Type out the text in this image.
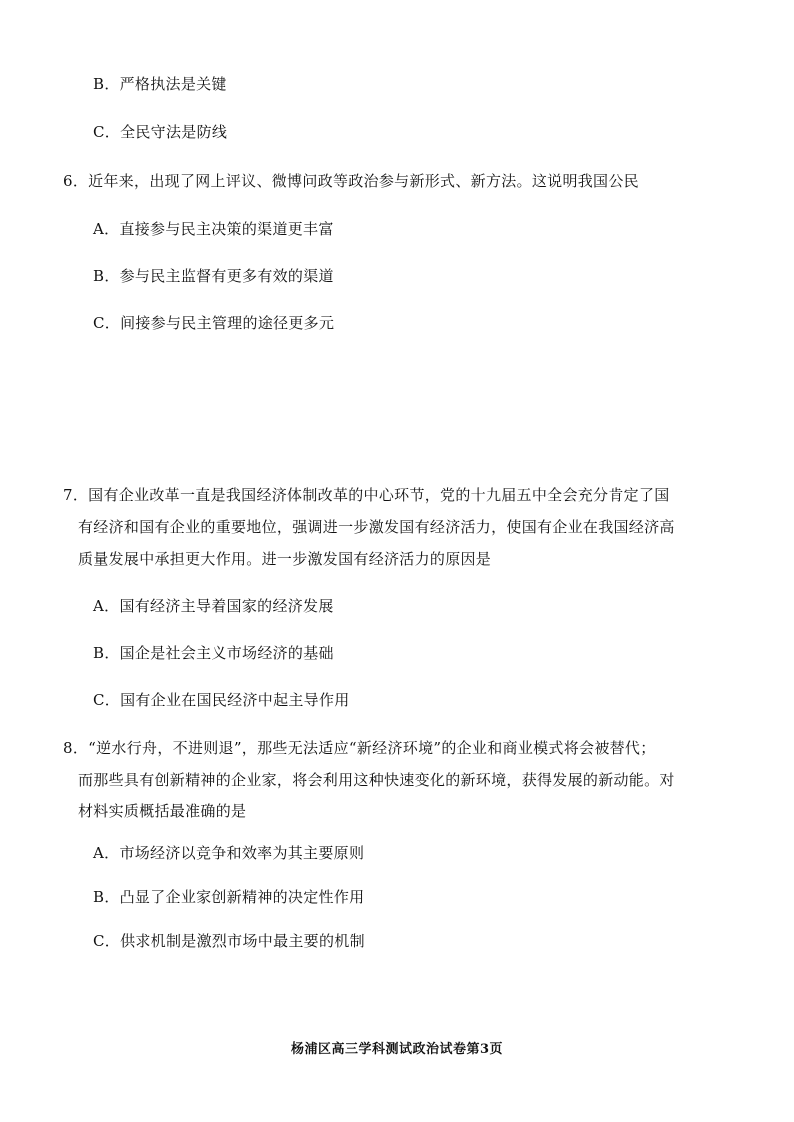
B．严格执法是关键
C．全民守法是防线
6．近年来，出现了网上评议、微博问政等政治参与新形式、新方法。这说明我国公民
A．直接参与民主决策的渠道更丰富
B．参与民主监督有更多有效的渠道
C．间接参与民主管理的途径更多元
7．国有企业改革一直是我国经济体制改革的中心环节，党的十九届五中全会充分肯定了国
有经济和国有企业的重要地位，强调进一步激发国有经济活力，使国有企业在我国经济高
质量发展中承担更大作用。进一步激发国有经济活力的原因是
A．国有经济主导着国家的经济发展
B．国企是社会主义市场经济的基础
C．国有企业在国民经济中起主导作用
8．“逆水行舟，不进则退”，那些无法适应“新经济环境”的企业和商业模式将会被替代；
而那些具有创新精神的企业家，将会利用这种快速变化的新环境，获得发展的新动能。对
材料实质概括最准确的是
A．市场经济以竞争和效率为其主要原则
B．凸显了企业家创新精神的决定性作用
C．供求机制是激烈市场中最主要的机制
杨浦区高三学科测试政治试卷第3页
